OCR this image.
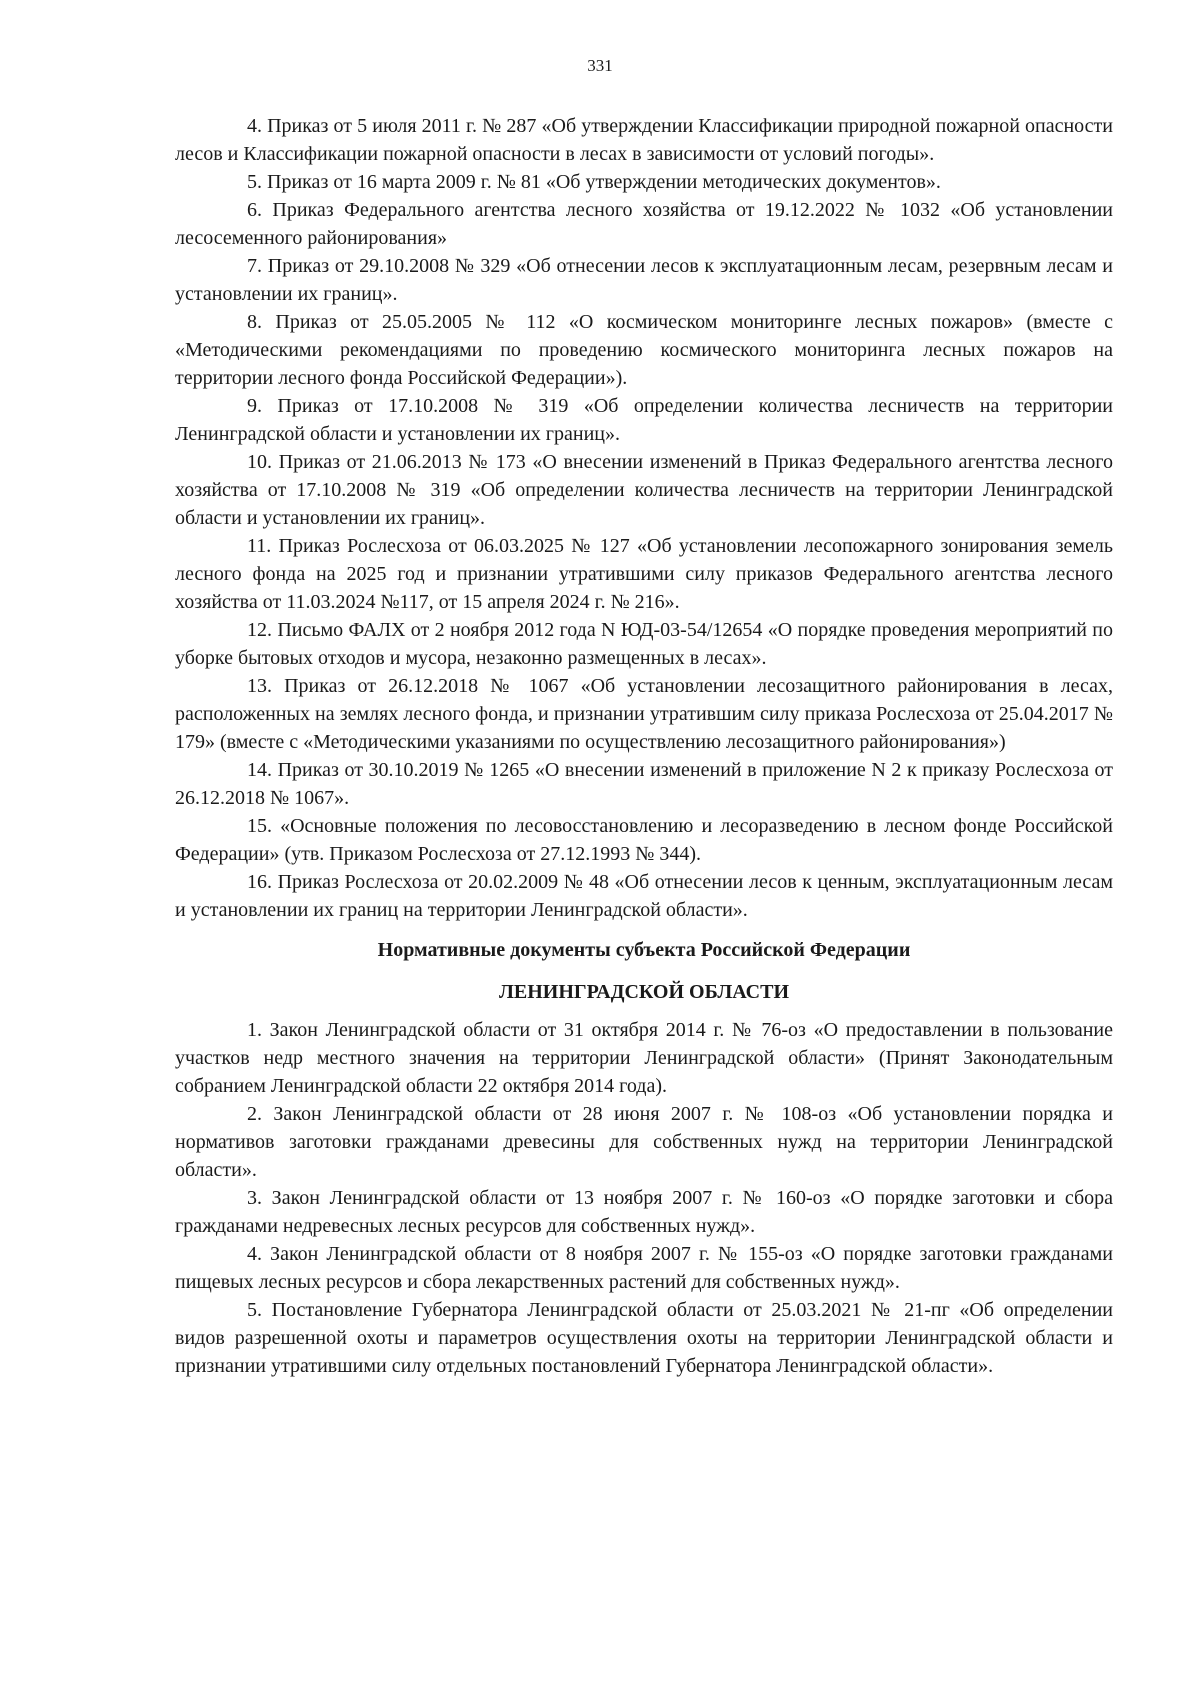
331

4. Приказ от 5 июля 2011 г. № 287 «Об утверждении Классификации природной пожарной опасности лесов и Классификации пожарной опасности в лесах в зависимости от условий погоды».

5. Приказ от 16 марта 2009 г. № 81 «Об утверждении методических документов».

6. Приказ Федерального агентства лесного хозяйства от 19.12.2022 № 1032 «Об установлении лесосеменного районирования»

7. Приказ от 29.10.2008 № 329 «Об отнесении лесов к эксплуатационным лесам, резервным лесам и установлении их границ».

8. Приказ от 25.05.2005 № 112 «О космическом мониторинге лесных пожаров» (вместе с «Методическими рекомендациями по проведению космического мониторинга лесных пожаров на территории лесного фонда Российской Федерации»).

9. Приказ от 17.10.2008 № 319 «Об определении количества лесничеств на территории Ленинградской области и установлении их границ».

10. Приказ от 21.06.2013 № 173 «О внесении изменений в Приказ Федерального агентства лесного хозяйства от 17.10.2008 № 319 «Об определении количества лесничеств на территории Ленинградской области и установлении их границ».

11. Приказ Рослесхоза от 06.03.2025 № 127 «Об установлении лесопожарного зонирования земель лесного фонда на 2025 год и признании утратившими силу приказов Федерального агентства лесного хозяйства от 11.03.2024 №117, от 15 апреля 2024 г. № 216».

12. Письмо ФАЛХ от 2 ноября 2012 года N ЮД-03-54/12654 «О порядке проведения мероприятий по уборке бытовых отходов и мусора, незаконно размещенных в лесах».

13. Приказ от 26.12.2018 № 1067 «Об установлении лесозащитного районирования в лесах, расположенных на землях лесного фонда, и признании утратившим силу приказа Рослесхоза от 25.04.2017 № 179» (вместе с «Методическими указаниями по осуществлению лесозащитного районирования»)

14. Приказ от 30.10.2019 № 1265 «О внесении изменений в приложение N 2 к приказу Рослесхоза от 26.12.2018 № 1067».

15. «Основные положения по лесовосстановлению и лесоразведению в лесном фонде Российской Федерации» (утв. Приказом Рослесхоза от 27.12.1993 № 344).

16. Приказ Рослесхоза от 20.02.2009 № 48 «Об отнесении лесов к ценным, эксплуатационным лесам и установлении их границ на территории Ленинградской области».

Нормативные документы субъекта Российской Федерации

ЛЕНИНГРАДСКОЙ ОБЛАСТИ

1. Закон Ленинградской области от 31 октября 2014 г. № 76-оз «О предоставлении в пользование участков недр местного значения на территории Ленинградской области» (Принят Законодательным собранием Ленинградской области 22 октября 2014 года).

2. Закон Ленинградской области от 28 июня 2007 г. № 108-оз «Об установлении порядка и нормативов заготовки гражданами древесины для собственных нужд на территории Ленинградской области».

3. Закон Ленинградской области от 13 ноября 2007 г. № 160-оз «О порядке заготовки и сбора гражданами недревесных лесных ресурсов для собственных нужд».

4. Закон Ленинградской области от 8 ноября 2007 г. № 155-оз «О порядке заготовки гражданами пищевых лесных ресурсов и сбора лекарственных растений для собственных нужд».

5. Постановление Губернатора Ленинградской области от 25.03.2021 № 21-пг «Об определении видов разрешенной охоты и параметров осуществления охоты на территории Ленинградской области и признании утратившими силу отдельных постановлений Губернатора Ленинградской области».
